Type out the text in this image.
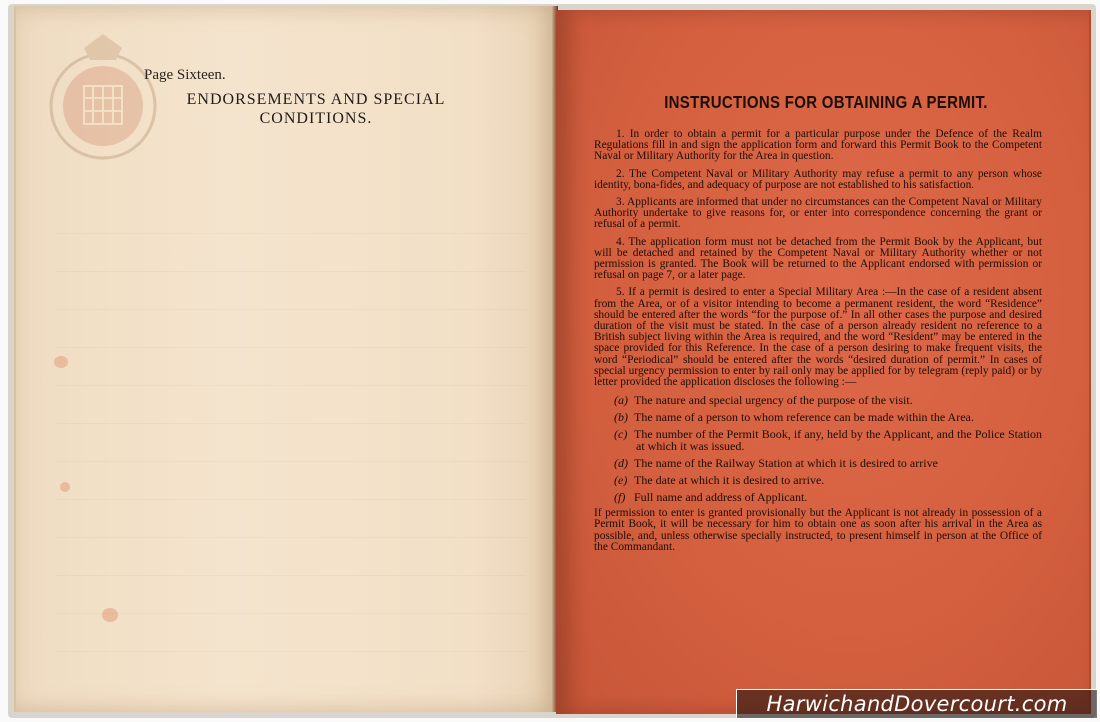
Page Sixteen.
ENDORSEMENTS AND SPECIAL
CONDITIONS.
INSTRUCTIONS FOR OBTAINING A PERMIT.

1. In order to obtain a permit for a particular purpose under the Defence of the Realm Regulations fill in and sign the application form and forward this Permit Book to the Competent Naval or Military Authority for the Area in question.

2. The Competent Naval or Military Authority may refuse a permit to any person whose identity, bona-fides, and adequacy of purpose are not established to his satisfaction.

3. Applicants are informed that under no circumstances can the Competent Naval or Military Authority undertake to give reasons for, or enter into correspondence concerning the grant or refusal of a permit.

4. The application form must not be detached from the Permit Book by the Applicant, but will be detached and retained by the Competent Naval or Military Authority whether or not permission is granted. The Book will be returned to the Applicant endorsed with permission or refusal on page 7, or a later page.

5. If a permit is desired to enter a Special Military Area :—In the case of a resident absent from the Area, or of a visitor intending to become a permanent resident, the word “Residence” should be entered after the words “for the purpose of.” In all other cases the purpose and desired duration of the visit must be stated. In the case of a person already resident no reference to a British subject living within the Area is required, and the word “Resident” may be entered in the space provided for this Reference. In the case of a person desiring to make frequent visits, the word “Periodical” should be entered after the words “desired duration of permit.” In cases of special urgency permission to enter by rail only may be applied for by telegram (reply paid) or by letter provided the application discloses the following :—

(a) The nature and special urgency of the purpose of the visit.
(b) The name of a person to whom reference can be made within the Area.
(c) The number of the Permit Book, if any, held by the Applicant, and the Police Station at which it was issued.
(d) The name of the Railway Station at which it is desired to arrive
(e) The date at which it is desired to arrive.
(f) Full name and address of Applicant.

If permission to enter is granted provisionally but the Applicant is not already in possession of a Permit Book, it will be necessary for him to obtain one as soon after his arrival in the Area as possible, and, unless otherwise specially instructed, to present himself in person at the Office of the Commandant.

HarwichandDovercourt.com
